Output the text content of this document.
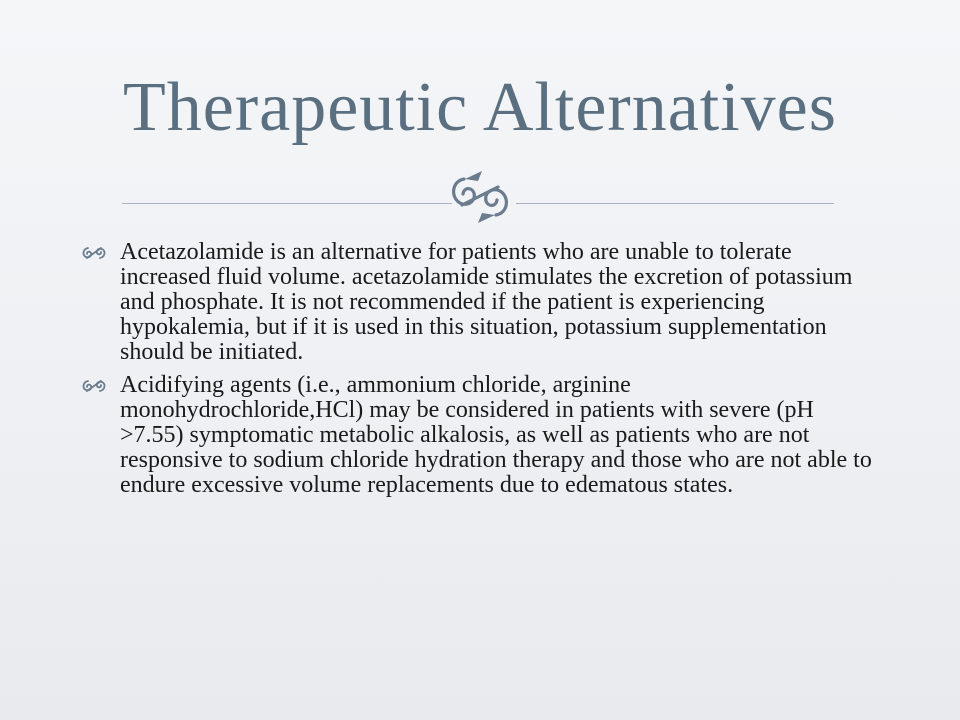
Therapeutic Alternatives
Acetazolamide is an alternative for patients who are unable to tolerate increased fluid volume. acetazolamide stimulates the excretion of potassium and phosphate. It is not recommended if the patient is experiencing hypokalemia, but if it is used in this situation, potassium supplementation should be initiated.
Acidifying agents (i.e., ammonium chloride, arginine monohydrochloride,HCl) may be considered in patients with severe (pH >7.55) symptomatic metabolic alkalosis, as well as patients who are not responsive to sodium chloride hydration therapy and those who are not able to endure excessive volume replacements due to edematous states.
